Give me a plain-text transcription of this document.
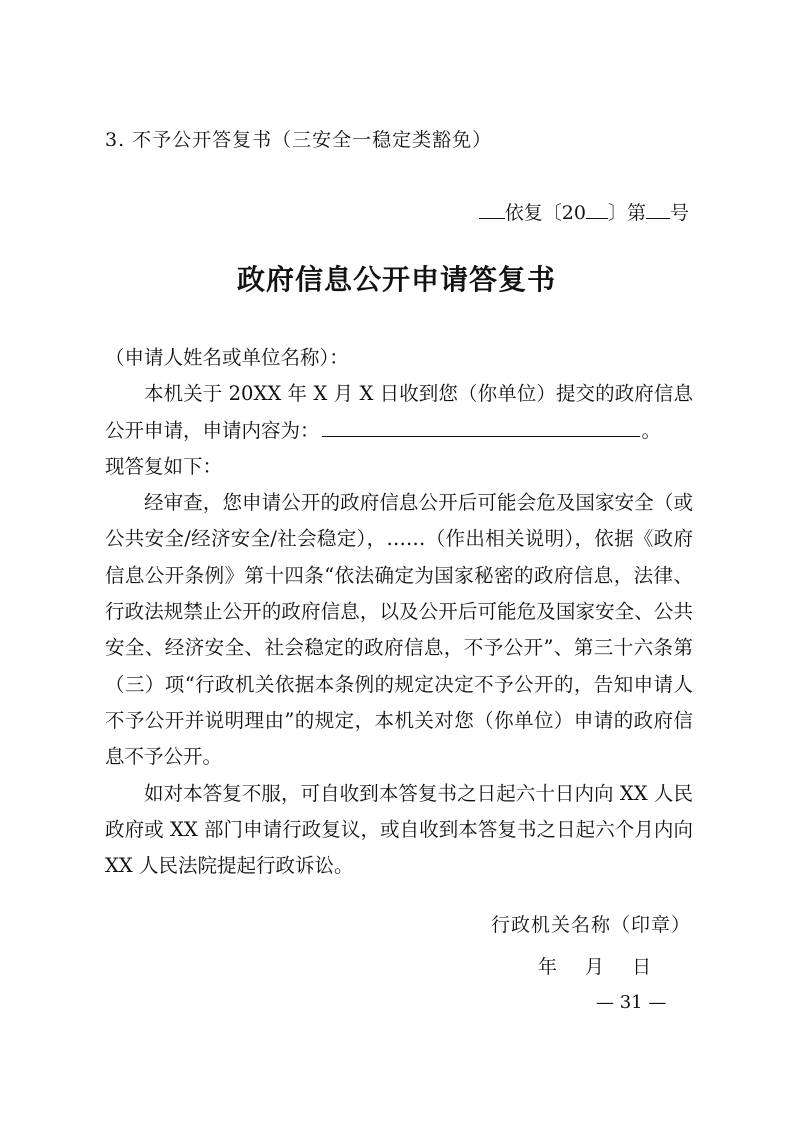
3. 不予公开答复书（三安全一稳定类豁免）
依复〔20 〕第 号
政府信息公开申请答复书

（申请人姓名或单位名称）：

本机关于 20XX 年 X 月 X 日收到您（你单位）提交的政府信息公开申请，申请内容为：	。

现答复如下：

经审查，您申请公开的政府信息公开后可能会危及国家安全（或公共安全/经济安全/社会稳定），……（作出相关说明），依据《政府信息公开条例》第十四条“依法确定为国家秘密的政府信息，法律、行政法规禁止公开的政府信息，以及公开后可能危及国家安全、公共安全、经济安全、社会稳定的政府信息，不予公开”、第三十六条第（三）项“行政机关依据本条例的规定决定不予公开的，告知申请人不予公开并说明理由”的规定，本机关对您（你单位）申请的政府信息不予公开。

如对本答复不服，可自收到本答复书之日起六十日内向 XX 人民政府或 XX 部门申请行政复议，或自收到本答复书之日起六个月内向 XX 人民法院提起行政诉讼。

行政机关名称（印章）
年 月 日
— 31 —
